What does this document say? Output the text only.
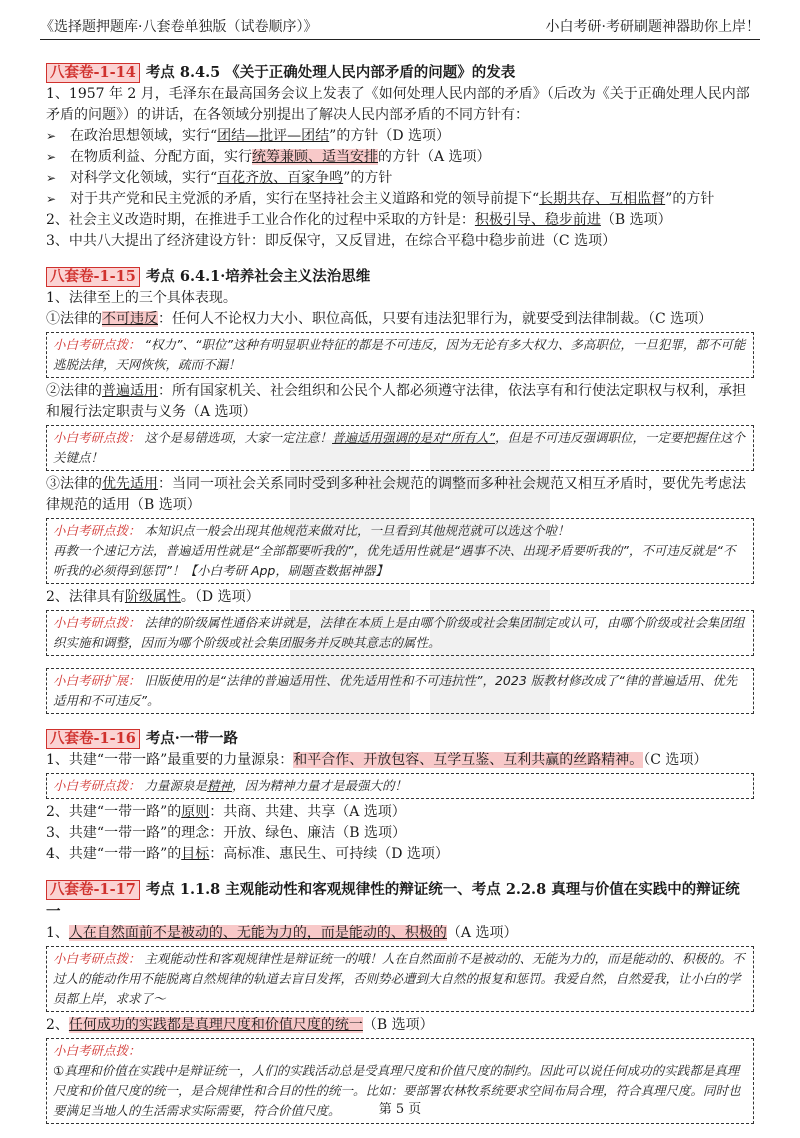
《选择题押题库·八套卷单独版（试卷顺序）》	小白考研·考研刷题神器助你上岸！
八套卷-1-14 考点 8.4.5 《关于正确处理人民内部矛盾的问题》的发表
1、1957 年 2 月，毛泽东在最高国务会议上发表了《如何处理人民内部的矛盾》（后改为《关于正确处理人民内部矛盾的问题》）的讲话，在各领域分别提出了解决人民内部矛盾的不同方针有：
➢ 在政治思想领域，实行“团结—批评—团结”的方针（D 选项）
➢ 在物质利益、分配方面，实行统筹兼顾、适当安排的方针（A 选项）
➢ 对科学文化领域，实行“百花齐放、百家争鸣”的方针
➢ 对于共产党和民主党派的矛盾，实行在坚持社会主义道路和党的领导前提下“长期共存、互相监督”的方针
2、社会主义改造时期，在推进手工业合作化的过程中采取的方针是：积极引导、稳步前进（B 选项）
3、中共八大提出了经济建设方针：即反保守，又反冒进，在综合平稳中稳步前进（C 选项）
八套卷-1-15 考点 6.4.1·培养社会主义法治思维
1、法律至上的三个具体表现。
①法律的不可违反：任何人不论权力大小、职位高低，只要有违法犯罪行为，就要受到法律制裁。（C 选项）
小白考研点拨： “权力”、“职位”这种有明显职业特征的都是不可违反，因为无论有多大权力、多高职位，一旦犯罪，都不可能逃脱法律，天网恢恢，疏而不漏！
②法律的普遍适用：所有国家机关、社会组织和公民个人都必须遵守法律，依法享有和行使法定职权与权利，承担和履行法定职责与义务（A 选项）
小白考研点拨： 这个是易错选项，大家一定注意！普遍适用强调的是对“所有人”，但是不可违反强调职位，一定要把握住这个关键点！
③法律的优先适用：当同一项社会关系同时受到多种社会规范的调整而多种社会规范又相互矛盾时，要优先考虑法律规范的适用（B 选项）
小白考研点拨： 本知识点一般会出现其他规范来做对比，一旦看到其他规范就可以选这个啦！
再教一个速记方法，普遍适用性就是“全部都要听我的”，优先适用性就是“遇事不决、出现矛盾要听我的”，不可违反就是“不听我的必须得到惩罚”！【小白考研 App，刷题查数据神器】
2、法律具有阶级属性。（D 选项）
小白考研点拨： 法律的阶级属性通俗来讲就是，法律在本质上是由哪个阶级或社会集团制定或认可，由哪个阶级或社会集团组织实施和调整，因而为哪个阶级或社会集团服务并反映其意志的属性。
小白考研扩展： 旧版使用的是“法律的普遍适用性、优先适用性和不可违抗性”，2023 版教材修改成了“律的普遍适用、优先适用和不可违反”。
八套卷-1-16 考点·一带一路
1、共建“一带一路”最重要的力量源泉：和平合作、开放包容、互学互鉴、互利共赢的丝路精神。（C 选项）
小白考研点拨： 力量源泉是精神，因为精神力量才是最强大的！
2、共建“一带一路”的原则：共商、共建、共享（A 选项）
3、共建“一带一路”的理念：开放、绿色、廉洁（B 选项）
4、共建“一带一路”的目标：高标准、惠民生、可持续（D 选项）
八套卷-1-17 考点 1.1.8 主观能动性和客观规律性的辩证统一、考点 2.2.8 真理与价值在实践中的辩证统一
1、人在自然面前不是被动的、无能为力的，而是能动的、积极的（A 选项）
小白考研点拨： 主观能动性和客观规律性是辩证统一的哦！人在自然面前不是被动的、无能为力的，而是能动的、积极的。不过人的能动作用不能脱离自然规律的轨道去盲目发挥，否则势必遭到大自然的报复和惩罚。我爱自然，自然爱我，让小白的学员都上岸，求求了～
2、任何成功的实践都是真理尺度和价值尺度的统一（B 选项）
小白考研点拨：
①真理和价值在实践中是辩证统一，人们的实践活动总是受真理尺度和价值尺度的制约。因此可以说任何成功的实践都是真理尺度和价值尺度的统一，是合规律性和合目的性的统一。比如：要部署农林牧系统要求空间布局合理，符合真理尺度。同时也要满足当地人的生活需求实际需要，符合价值尺度。	第 5 页
